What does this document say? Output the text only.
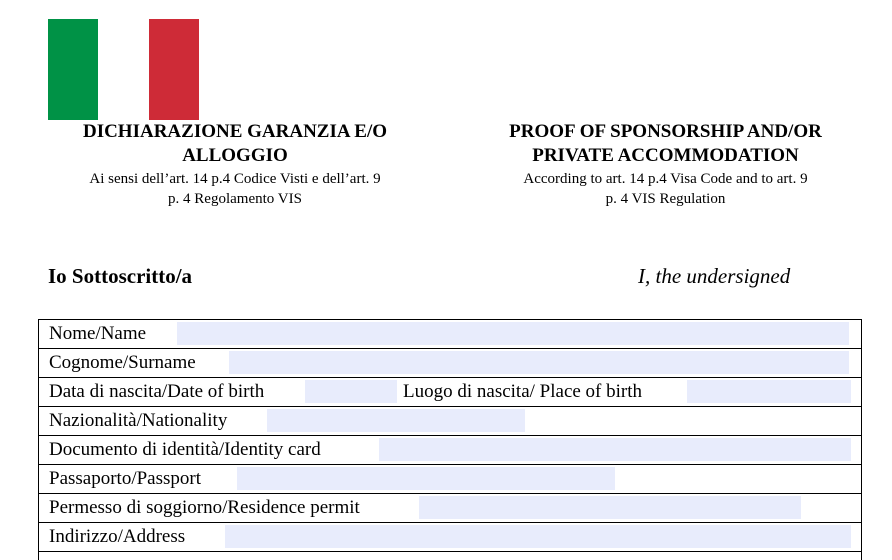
DICHIARAZIONE GARANZIA E/O
ALLOGGIO
Ai sensi dell’art. 14 p.4 Codice Visti e dell’art. 9
p. 4 Regolamento VIS
PROOF OF SPONSORSHIP AND/OR
PRIVATE ACCOMMODATION
According to art. 14 p.4 Visa Code and to art. 9
p. 4 VIS Regulation
Io Sottoscritto/a	I, the undersigned
Nome/Name
Cognome/Surname
Data di nascita/Date of birth	Luogo di nascita/ Place of birth
Nazionalità/Nationality
Documento di identità/Identity card
Passaporto/Passport
Permesso di soggiorno/Residence permit
Indirizzo/Address
